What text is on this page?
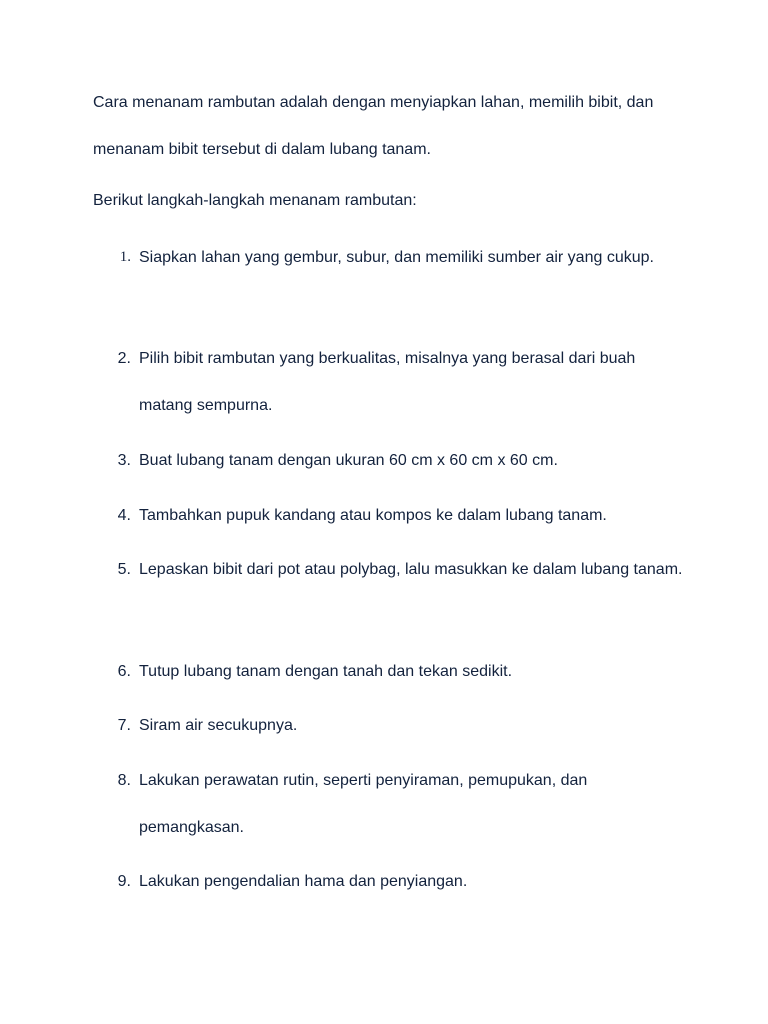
Cara menanam rambutan adalah dengan menyiapkan lahan, memilih bibit, dan menanam bibit tersebut di dalam lubang tanam.

Berikut langkah-langkah menanam rambutan:

1. Siapkan lahan yang gembur, subur, dan memiliki sumber air yang cukup.
2. Pilih bibit rambutan yang berkualitas, misalnya yang berasal dari buah matang sempurna.
3. Buat lubang tanam dengan ukuran 60 cm x 60 cm x 60 cm.
4. Tambahkan pupuk kandang atau kompos ke dalam lubang tanam.
5. Lepaskan bibit dari pot atau polybag, lalu masukkan ke dalam lubang tanam.
6. Tutup lubang tanam dengan tanah dan tekan sedikit.
7. Siram air secukupnya.
8. Lakukan perawatan rutin, seperti penyiraman, pemupukan, dan pemangkasan.
9. Lakukan pengendalian hama dan penyiangan.
